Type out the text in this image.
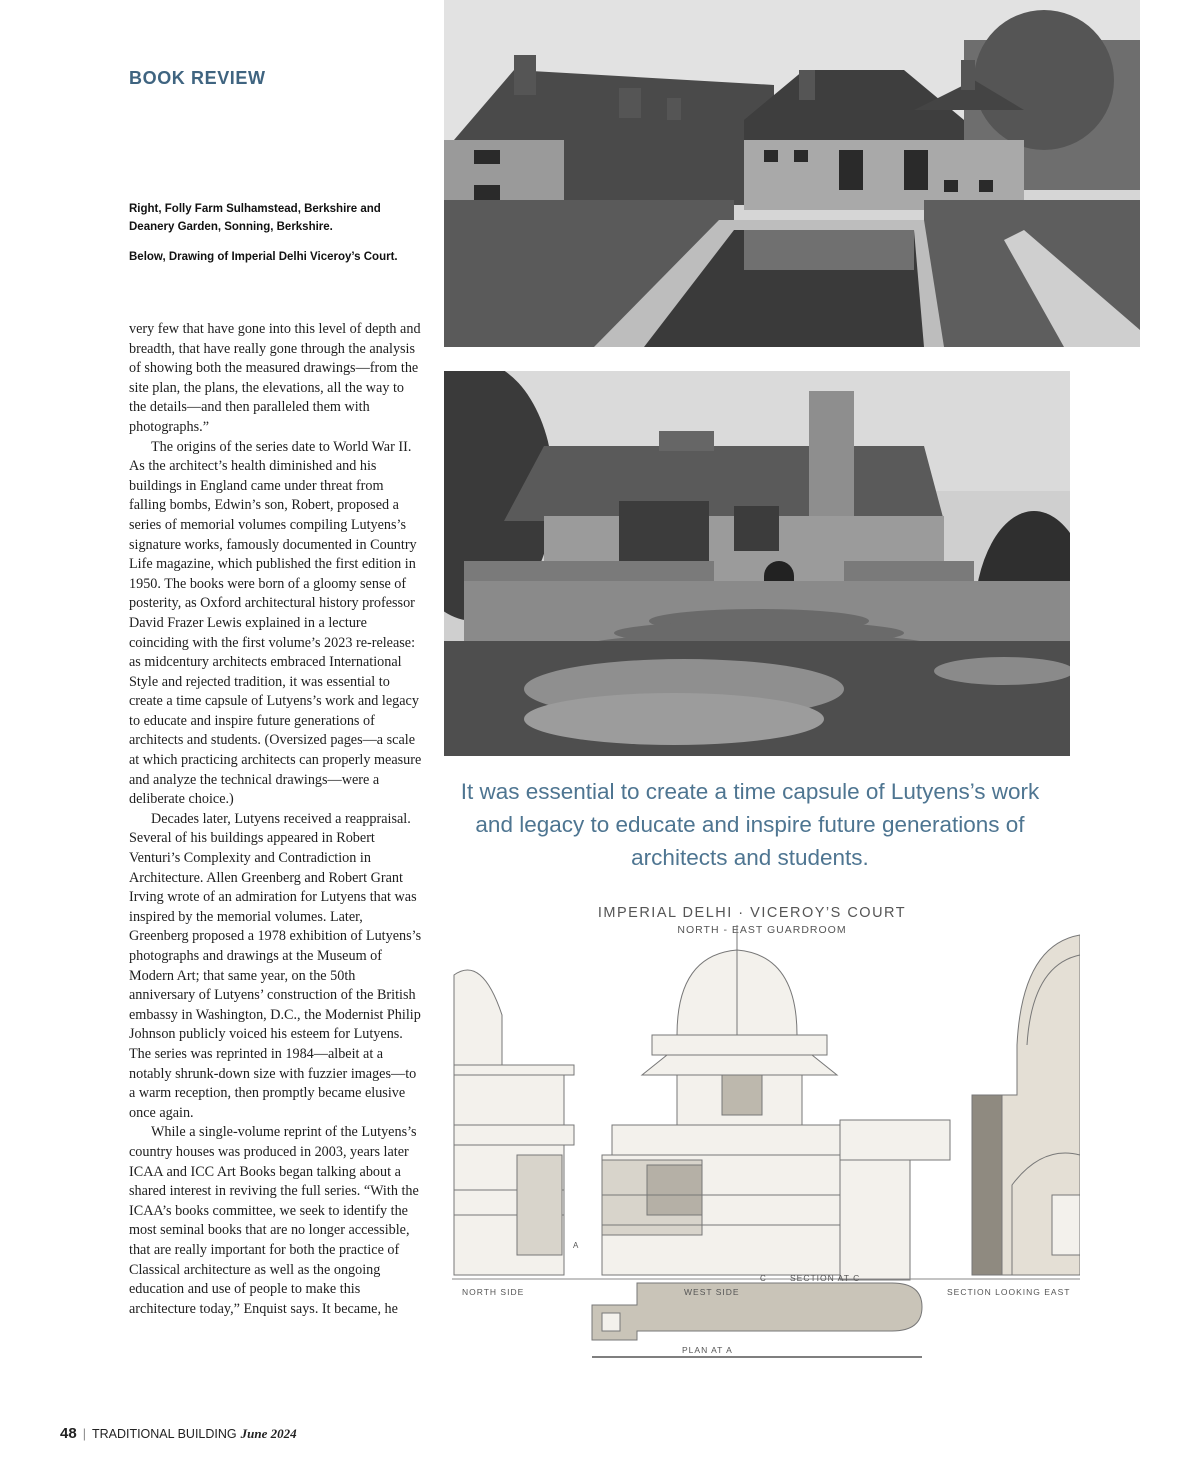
BOOK REVIEW

Right, Folly Farm Sulhamstead, Berkshire and Deanery Garden, Sonning, Berkshire.

Below, Drawing of Imperial Delhi Viceroy’s Court.

very few that have gone into this level of depth and breadth, that have really gone through the analysis of showing both the measured drawings—from the site plan, the plans, the elevations, all the way to the details—and then paralleled them with photographs.”

The origins of the series date to World War II. As the architect’s health diminished and his buildings in England came under threat from falling bombs, Edwin’s son, Robert, proposed a series of memorial volumes compiling Lutyens’s signature works, famously documented in Country Life magazine, which published the first edition in 1950. The books were born of a gloomy sense of posterity, as Oxford architectural history professor David Frazer Lewis explained in a lecture coinciding with the first volume’s 2023 re-release: as midcentury architects embraced International Style and rejected tradition, it was essential to create a time capsule of Lutyens’s work and legacy to educate and inspire future generations of architects and students. (Oversized pages—a scale at which practicing architects can properly measure and analyze the technical drawings—were a deliberate choice.)

Decades later, Lutyens received a reappraisal. Several of his buildings appeared in Robert Venturi’s Complexity and Contradiction in Architecture. Allen Greenberg and Robert Grant Irving wrote of an admiration for Lutyens that was inspired by the memorial volumes. Later, Greenberg proposed a 1978 exhibition of Lutyens’s photographs and drawings at the Museum of Modern Art; that same year, on the 50th anniversary of Lutyens’ construction of the British embassy in Washington, D.C., the Modernist Philip Johnson publicly voiced his esteem for Lutyens. The series was reprinted in 1984—albeit at a notably shrunk-down size with fuzzier images—to a warm reception, then promptly became elusive once again.

While a single-volume reprint of the Lutyens’s country houses was produced in 2003, years later ICAA and ICC Art Books began talking about a shared interest in reviving the full series. “With the ICAA’s books committee, we seek to identify the most seminal books that are no longer accessible, that are really important for both the practice of Classical architecture as well as the ongoing education and use of people to make this architecture today,” Enquist says. It became, he

It was essential to create a time capsule of Lutyens’s work and legacy to educate and inspire future generations of architects and students.
IMPERIAL DELHI · VICEROY’S COURT
NORTH - EAST GUARDROOM
NORTH SIDE	WEST SIDE
SECTION AT C
SECTION LOOKING EAST
PLAN AT A
A
C
48 | TRADITIONAL BUILDING June 2024
